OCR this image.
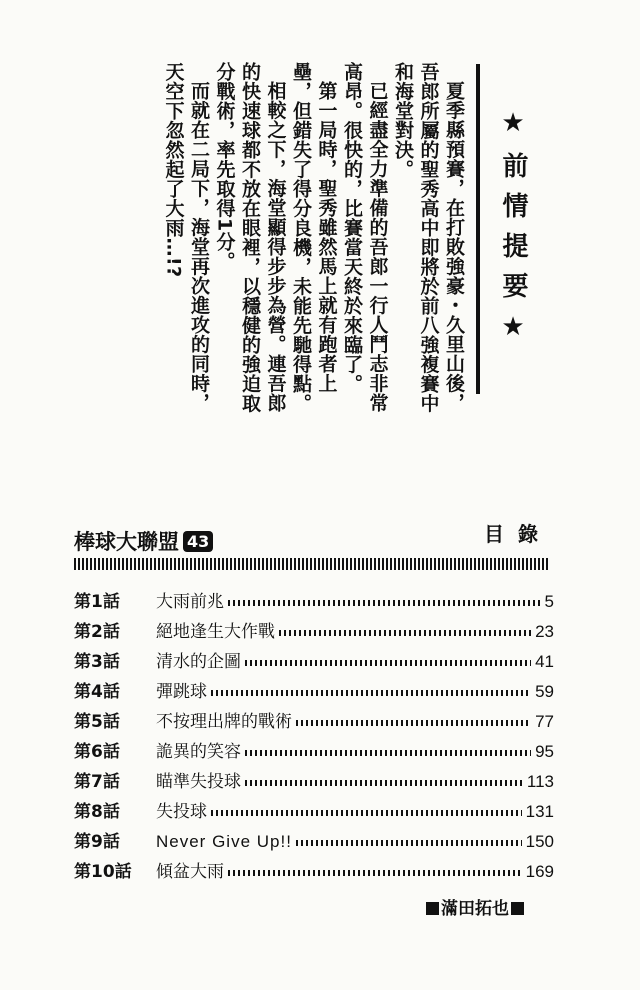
★前情提要★

夏季縣預賽，在打敗強豪・久里山後，吾郎所屬的聖秀高中即將於前八強複賽中和海堂對決。

已經盡全力準備的吾郎一行人鬥志非常高昂。很快的，比賽當天終於來臨了。

第一局時，聖秀雖然馬上就有跑者上壘，但錯失了得分良機，未能先馳得點。

相較之下，海堂顯得步步為營。連吾郎的快速球都不放在眼裡，以穩健的強迫取分戰術，率先取得1分。

而就在二局下，海堂再次進攻的同時，天空下忽然起了大雨…!?

棒球大聯盟 43	目錄
第1話	大雨前兆	5
第2話	絕地逢生大作戰	23
第3話	清水的企圖	41
第4話	彈跳球	59
第5話	不按理出牌的戰術	77
第6話	詭異的笑容	95
第7話	瞄準失投球	113
第8話	失投球	131
第9話	Never Give Up!!	150
第10話	傾盆大雨	169
滿田拓也
